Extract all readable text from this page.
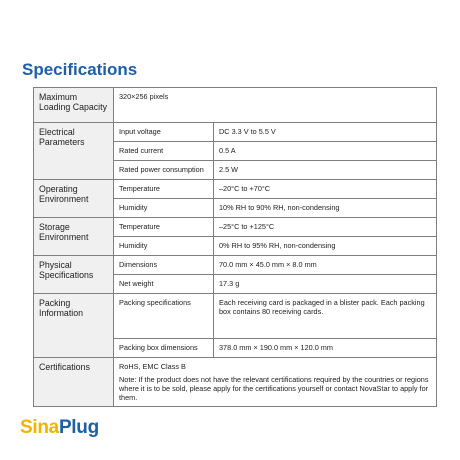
Specifications
Maximum Loading Capacity	320×256 pixels	
Electrical Parameters	Input voltage	DC 3.3 V to 5.5 V
	Rated current	0.5 A
	Rated power consumption	2.5 W
Operating Environment	Temperature	–20°C to +70°C
	Humidity	10% RH to 90% RH, non-condensing
Storage Environment	Temperature	–25°C to +125°C
	Humidity	0% RH to 95% RH, non-condensing
Physical Specifications	Dimensions	70.0 mm × 45.0 mm × 8.0 mm
	Net weight	17.3 g
Packing Information	Packing specifications	Each receiving card is packaged in a blister pack. Each packing box contains 80 receiving cards.
	Packing box dimensions	378.0 mm × 190.0 mm × 120.0 mm
Certifications	RoHS, EMC Class B

Note: If the product does not have the relevant certifications required by the countries or regions where it is to be sold, please apply for the certifications yourself or contact NovaStar to apply for them.	

SinaPlug
